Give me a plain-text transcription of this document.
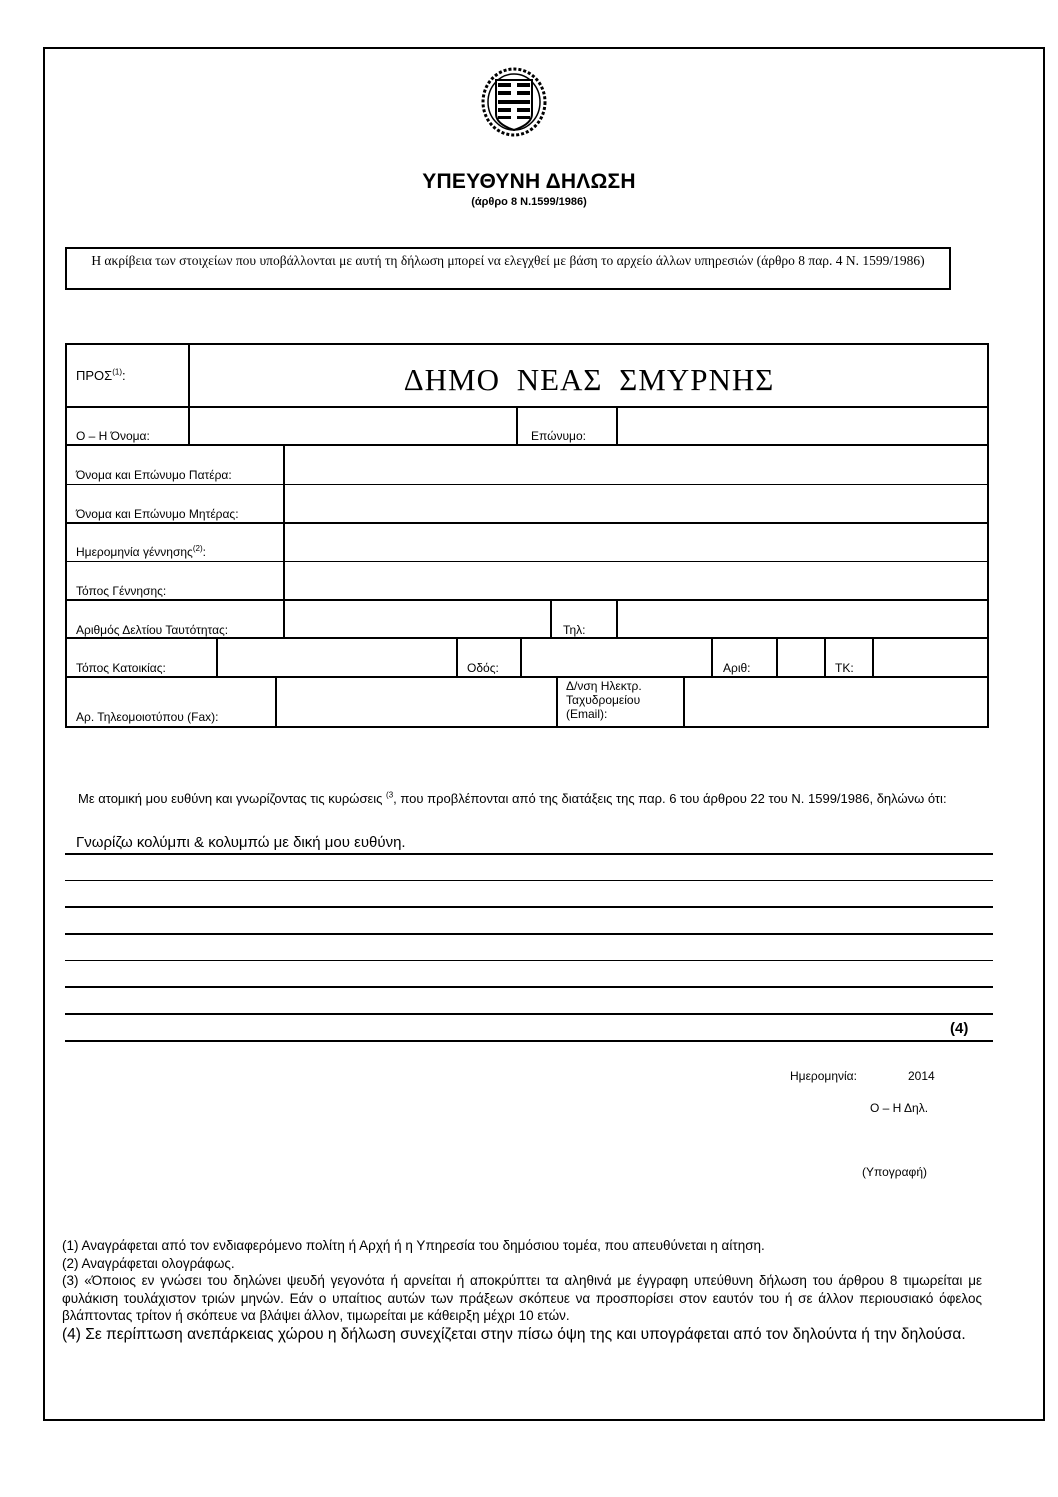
ΥΠΕΥΘΥΝΗ ΔΗΛΩΣΗ
(άρθρο 8 Ν.1599/1986)
Η ακρίβεια των στοιχείων που υποβάλλονται με αυτή τη δήλωση μπορεί να ελεγχθεί με βάση το αρχείο άλλων υπηρεσιών (άρθρο 8 παρ. 4 Ν. 1599/1986)
ΠΡΟΣ$^{(1)}$:	ΔΗΜΟ ΝΕΑΣ ΣΜΥΡΝΗΣ
Ο – Η Όνομα:	Επώνυμο:
Όνομα και Επώνυμο Πατέρα:
Όνομα και Επώνυμο Μητέρας:
Ημερομηνία γέννησης$^{(2)}$:
Τόπος Γέννησης:
Αριθμός Δελτίου Ταυτότητας:	Τηλ:
Τόπος Κατοικίας:	Οδός:	Αριθ:	ΤΚ:
Αρ. Τηλεομοιοτύπου (Fax):
Δ/νση Ηλεκτρ.
Ταχυδρομείου
(Email):
Με ατομική μου ευθύνη και γνωρίζοντας τις κυρώσεις $^{(3}$, που προβλέπονται από της διατάξεις της παρ. 6 του άρθρου 22 του Ν. 1599/1986, δηλώνω ότι:
Γνωρίζω κολύμπι & κολυμπώ με δική μου ευθύνη.
(4)
Ημερομηνία:	2014
Ο – Η Δηλ.
(Υπογραφή)

(1) Αναγράφεται από τον ενδιαφερόμενο πολίτη ή Αρχή ή η Υπηρεσία του δημόσιου τομέα, που απευθύνεται η αίτηση.

(2) Αναγράφεται ολογράφως.

(3) «Όποιος εν γνώσει του δηλώνει ψευδή γεγονότα ή αρνείται ή αποκρύπτει τα αληθινά με έγγραφη υπεύθυνη δήλωση του άρθρου 8 τιμωρείται με φυλάκιση τουλάχιστον τριών μηνών. Εάν ο υπαίτιος αυτών των πράξεων σκόπευε να προσπορίσει στον εαυτόν του ή σε άλλον περιουσιακό όφελος βλάπτοντας τρίτον ή σκόπευε να βλάψει άλλον, τιμωρείται με κάθειρξη μέχρι 10 ετών.

(4) Σε περίπτωση ανεπάρκειας χώρου η δήλωση συνεχίζεται στην πίσω όψη της και υπογράφεται από τον δηλούντα ή την δηλούσα.
